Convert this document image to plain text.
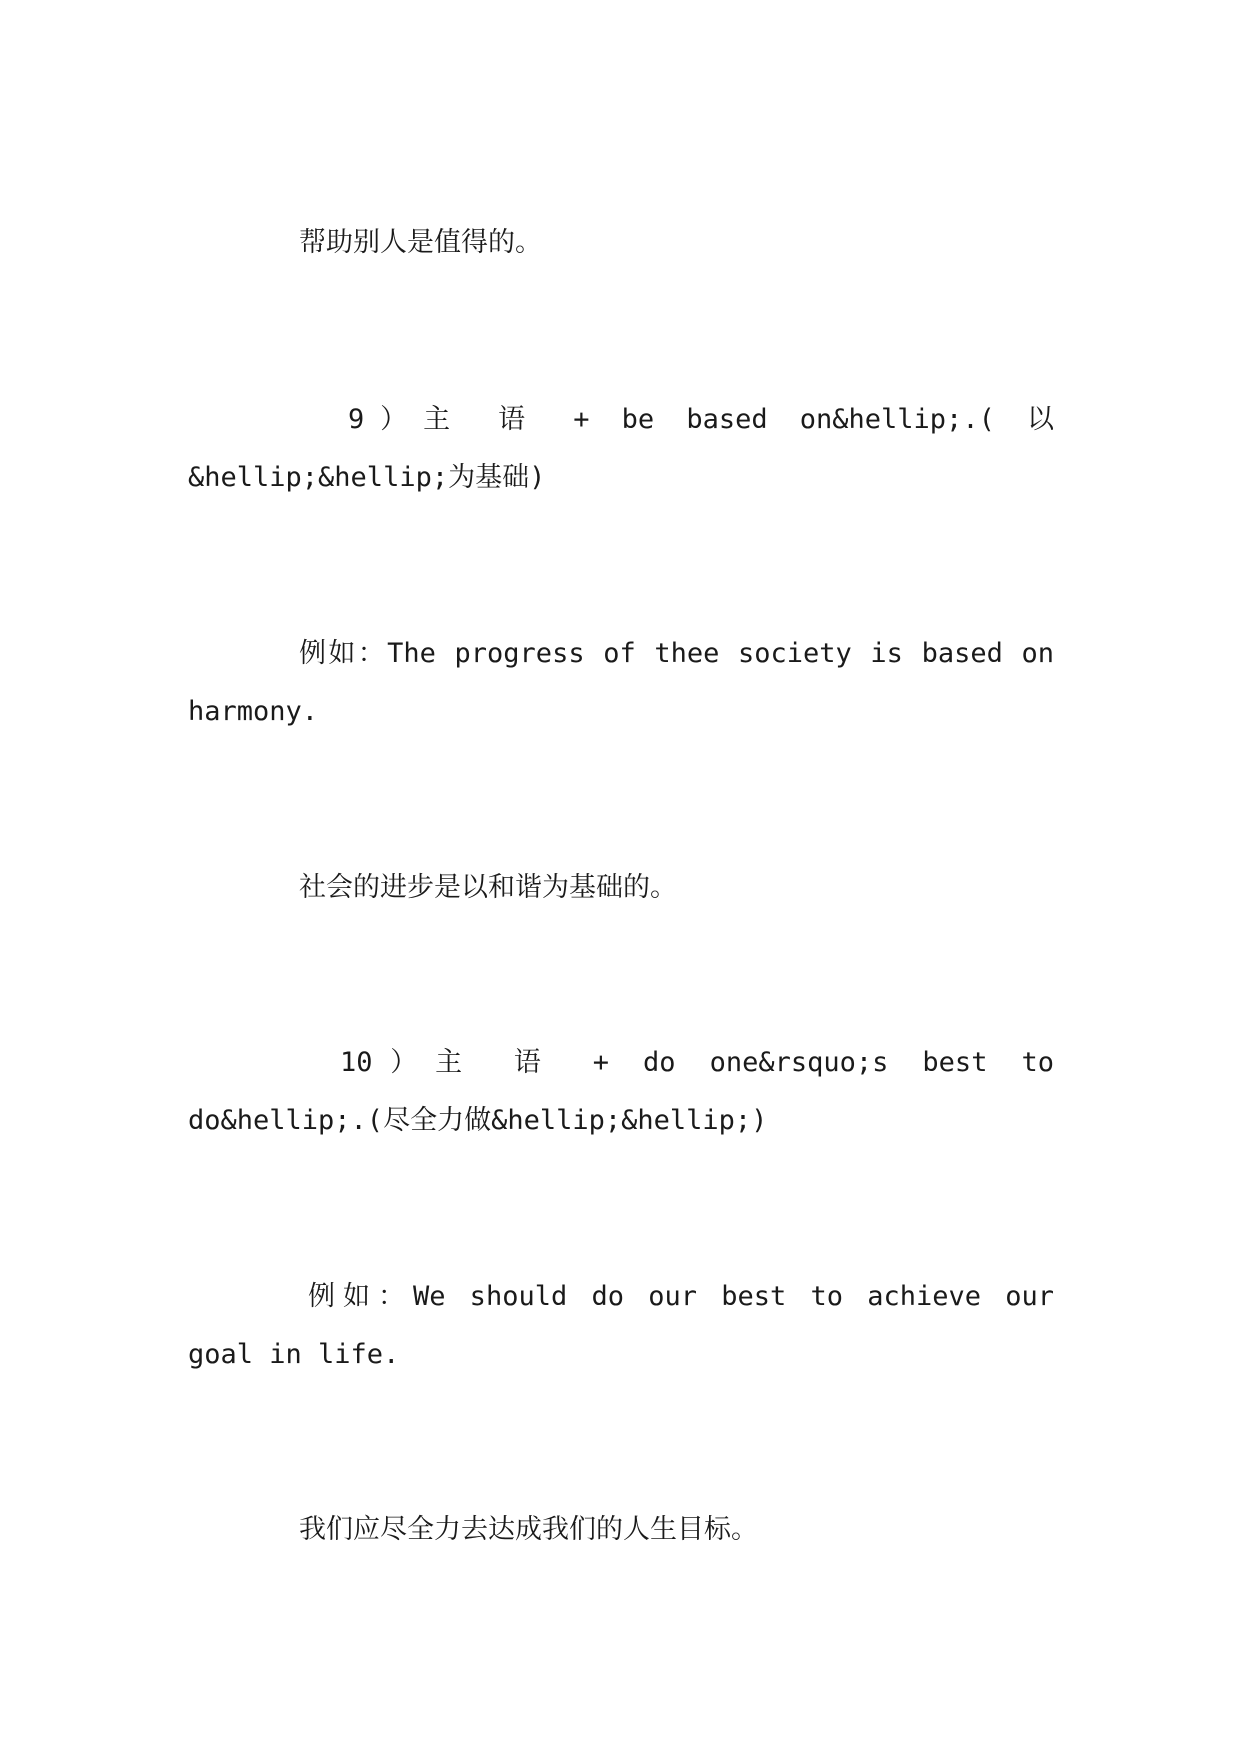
帮助别人是值得的。

9）主 语 + be based on&hellip;.( 以
&hellip;&hellip;为基础)

例如：The progress of thee society is based on
harmony.

社会的进步是以和谐为基础的。

10）主 语 + do one&rsquo;s best to
do&hellip;.(尽全力做&hellip;&hellip;)

例如：We should do our best to achieve our
goal in life.

我们应尽全力去达成我们的人生目标。
